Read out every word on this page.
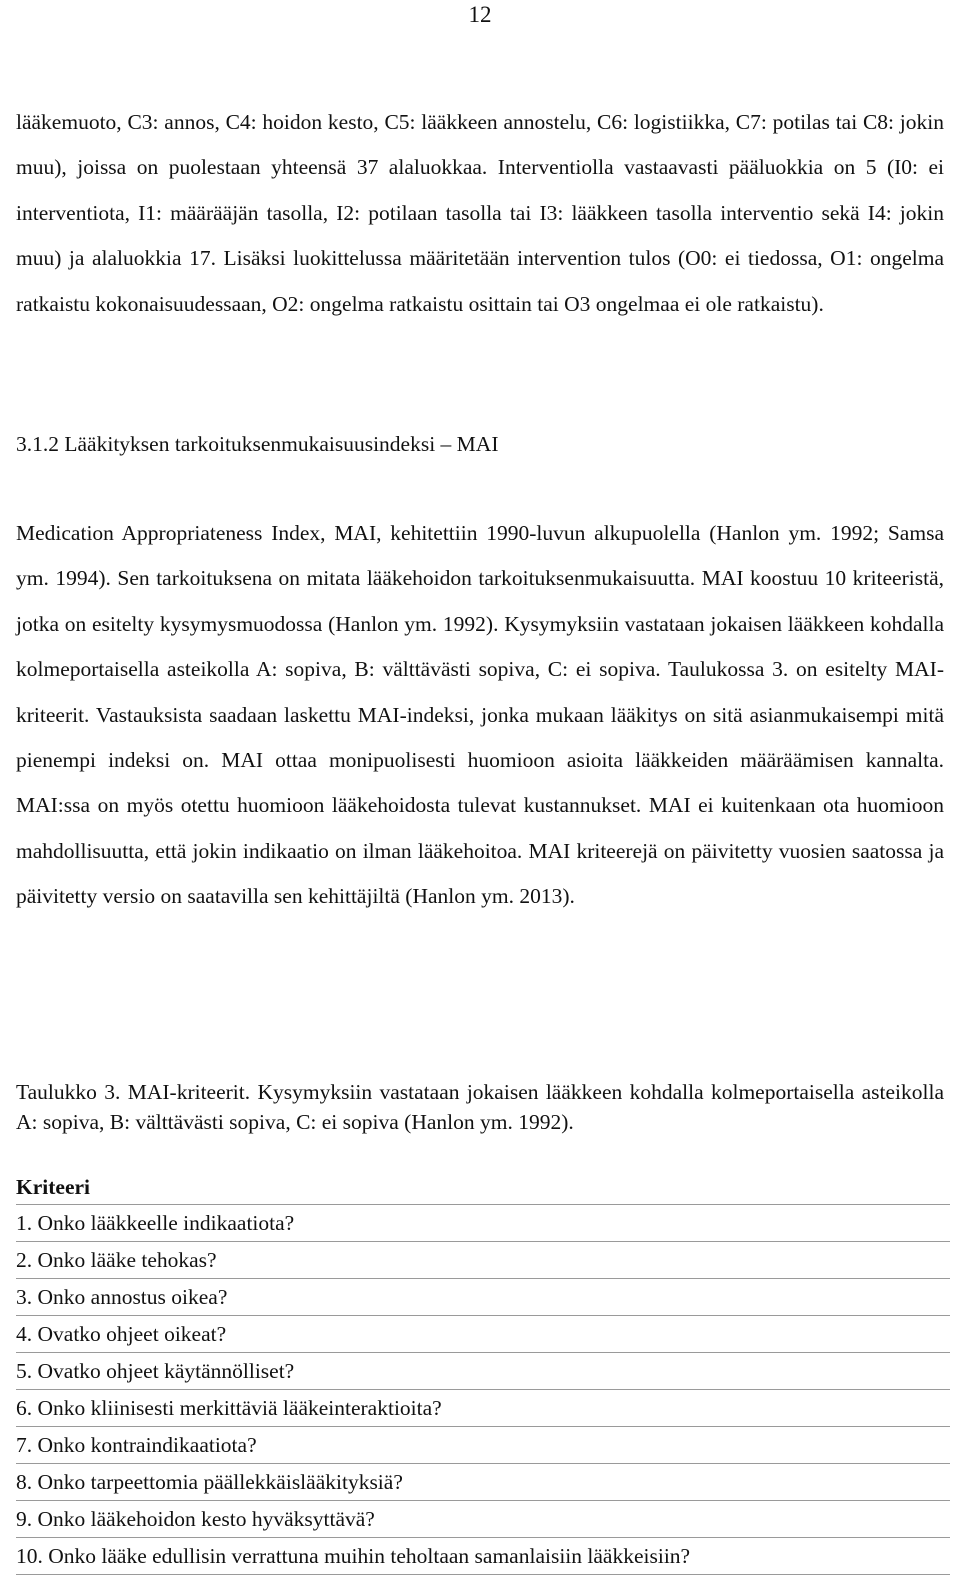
12

lääkemuoto, C3: annos, C4: hoidon kesto, C5: lääkkeen annostelu, C6: logistiikka, C7: potilas tai C8: jokin muu), joissa on puolestaan yhteensä 37 alaluokkaa. Interventiolla vastaavasti pääluokkia on 5 (I0: ei interventiota, I1: määrääjän tasolla, I2: potilaan tasolla tai I3: lääkkeen tasolla interventio sekä I4: jokin muu) ja alaluokkia 17. Lisäksi luokittelussa määritetään intervention tulos (O0: ei tiedossa, O1: ongelma ratkaistu kokonaisuudessaan, O2: ongelma ratkaistu osittain tai O3 ongelmaa ei ole ratkaistu).

3.1.2 Lääkityksen tarkoituksenmukaisuusindeksi – MAI

Medication Appropriateness Index, MAI, kehitettiin 1990-luvun alkupuolella (Hanlon ym. 1992; Samsa ym. 1994). Sen tarkoituksena on mitata lääkehoidon tarkoituksenmukaisuutta. MAI koostuu 10 kriteeristä, jotka on esitelty kysymysmuodossa (Hanlon ym. 1992). Kysymyksiin vastataan jokaisen lääkkeen kohdalla kolmeportaisella asteikolla A: sopiva, B: välttävästi sopiva, C: ei sopiva. Taulukossa 3. on esitelty MAI-kriteerit. Vastauksista saadaan laskettu MAI-indeksi, jonka mukaan lääkitys on sitä asianmukaisempi mitä pienempi indeksi on. MAI ottaa monipuolisesti huomioon asioita lääkkeiden määräämisen kannalta. MAI:ssa on myös otettu huomioon lääkehoidosta tulevat kustannukset. MAI ei kuitenkaan ota huomioon mahdollisuutta, että jokin indikaatio on ilman lääkehoitoa. MAI kriteerejä on päivitetty vuosien saatossa ja päivitetty versio on saatavilla sen kehittäjiltä (Hanlon ym. 2013).

Taulukko 3. MAI-kriteerit. Kysymyksiin vastataan jokaisen lääkkeen kohdalla kolmeportaisella asteikolla A: sopiva, B: välttävästi sopiva, C: ei sopiva (Hanlon ym. 1992).

Kriteeri
1. Onko lääkkeelle indikaatiota?
2. Onko lääke tehokas?
3. Onko annostus oikea?
4. Ovatko ohjeet oikeat?
5. Ovatko ohjeet käytännölliset?
6. Onko kliinisesti merkittäviä lääkeinteraktioita?
7. Onko kontraindikaatiota?
8. Onko tarpeettomia päällekkäislääkityksiä?
9. Onko lääkehoidon kesto hyväksyttävä?
10. Onko lääke edullisin verrattuna muihin teholtaan samanlaisiin lääkkeisiin?
